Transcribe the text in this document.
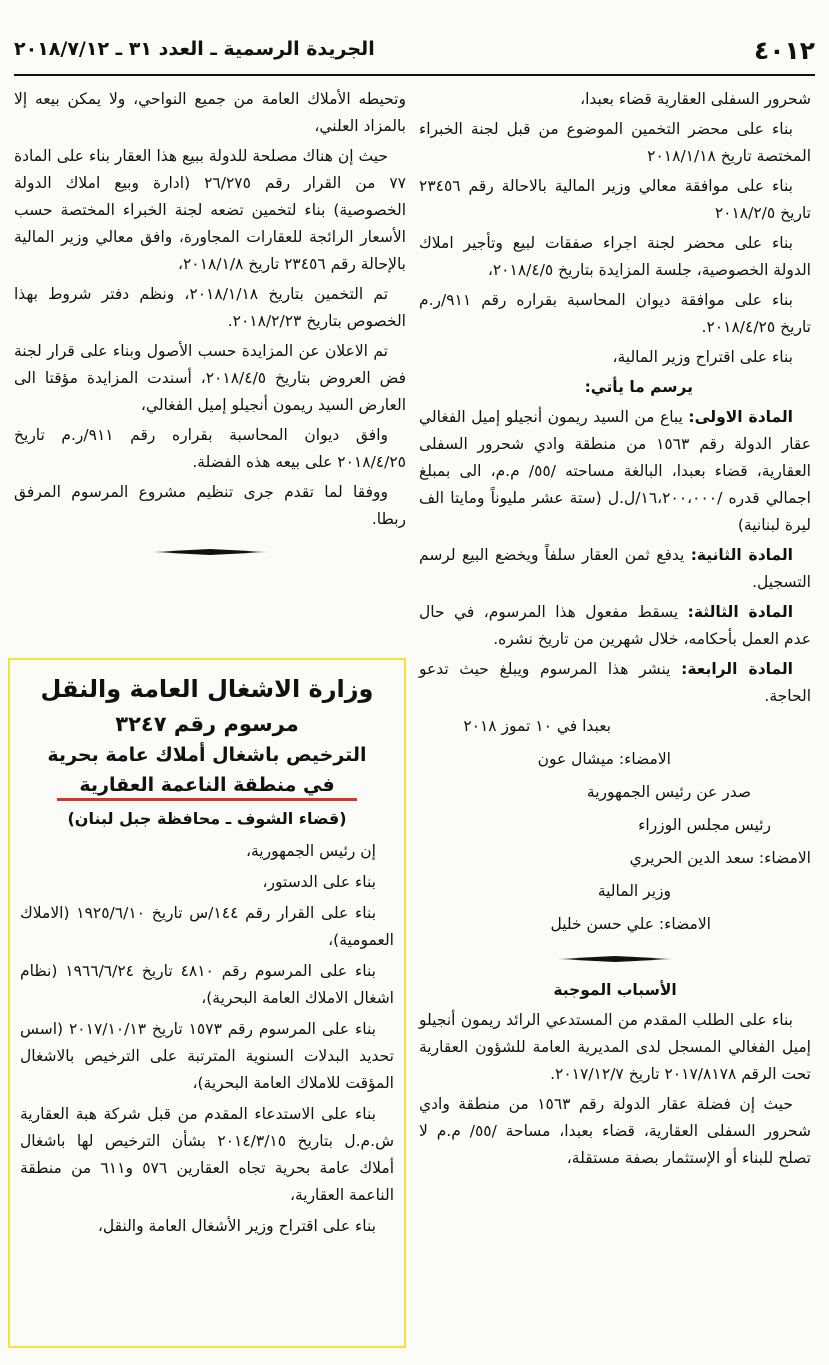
٤٠١٢
الجريدة الرسمية ـ العدد ٣١ ـ ٢٠١٨/٧/١٢

شحرور السفلى العقارية قضاء بعبدا،

بناء على محضر التخمين الموضوع من قبل لجنة الخبراء المختصة تاريخ ٢٠١٨/١/١٨

بناء على موافقة معالي وزير المالية بالاحالة رقم ٢٣٤٥٦ تاريخ ٢٠١٨/٢/٥

بناء على محضر لجنة اجراء صفقات لبيع وتأجير املاك الدولة الخصوصية، جلسة المزايدة بتاريخ ٢٠١٨/٤/٥،

بناء على موافقة ديوان المحاسبة بقراره رقم ٩١١/ر.م تاريخ ٢٠١٨/٤/٢٥.

بناء على اقتراح وزير المالية،

يرسم ما يأتي:

المادة الاولى: يباع من السيد ريمون أنجيلو إميل الفغالي عقار الدولة رقم ١٥٦٣ من منطقة وادي شحرور السفلى العقارية، قضاء بعبدا، البالغة مساحته /٥٥/ م.م، الى بمبلغ اجمالي قدره /١٦،٢٠٠،٠٠٠/ل.ل (ستة عشر مليوناً ومايتا الف ليرة لبنانية)

المادة الثانية: يدفع ثمن العقار سلفاً ويخضع البيع لرسم التسجيل.

المادة الثالثة: يسقط مفعول هذا المرسوم، في حال عدم العمل بأحكامه، خلال شهرين من تاريخ نشره.

المادة الرابعة: ينشر هذا المرسوم ويبلغ حيث تدعو الحاجة.

بعبدا في ١٠ تموز ٢٠١٨

الامضاء: ميشال عون

صدر عن رئيس الجمهورية

رئيس مجلس الوزراء

الامضاء: سعد الدين الحريري

وزير المالية

الامضاء: علي حسن خليل

الأسباب الموجبة

بناء على الطلب المقدم من المستدعي الرائد ريمون أنجيلو إميل الفغالي المسجل لدى المديرية العامة للشؤون العقارية تحت الرقم ٢٠١٧/٨١٧٨ تاريخ ٢٠١٧/١٢/٧.

حيث إن فضلة عقار الدولة رقم ١٥٦٣ من منطقة وادي شحرور السفلى العقارية، قضاء بعبدا، مساحة /٥٥/ م.م لا تصلح للبناء أو الإستثمار بصفة مستقلة،

وتحيطه الأملاك العامة من جميع النواحي، ولا يمكن بيعه إلا بالمزاد العلني،

حيث إن هناك مصلحة للدولة ببيع هذا العقار بناء على المادة ٧٧ من القرار رقم ٢٦/٢٧٥ (ادارة وبيع املاك الدولة الخصوصية) بناء لتخمين تضعه لجنة الخبراء المختصة حسب الأسعار الرائجة للعقارات المجاورة، وافق معالي وزير المالية بالإحالة رقم ٢٣٤٥٦ تاريخ ٢٠١٨/١/٨،

تم التخمين بتاريخ ٢٠١٨/١/١٨، ونظم دفتر شروط بهذا الخصوص بتاريخ ٢٠١٨/٢/٢٣.

تم الاعلان عن المزايدة حسب الأصول وبناء على قرار لجنة فض العروض بتاريخ ٢٠١٨/٤/٥، أسندت المزايدة مؤقتا الى العارض السيد ريمون أنجيلو إميل الفغالي،

وافق ديوان المحاسبة بقراره رقم ٩١١/ر.م تاريخ ٢٠١٨/٤/٢٥ على بيعه هذه الفضلة.

ووفقا لما تقدم جرى تنظيم مشروع المرسوم المرفق ربطا.

وزارة الاشغال العامة والنقل
مرسوم رقم ٣٢٤٧
الترخيص باشغال أملاك عامة بحرية
في منطقة الناعمة العقارية
(قضاء الشوف ـ محافظة جبل لبنان)

إن رئيس الجمهورية،

بناء على الدستور،

بناء على القرار رقم ١٤٤/س تاريخ ١٩٢٥/٦/١٠ (الاملاك العمومية)،

بناء على المرسوم رقم ٤٨١٠ تاريخ ١٩٦٦/٦/٢٤ (نظام اشغال الاملاك العامة البحرية)،

بناء على المرسوم رقم ١٥٧٣ تاريخ ٢٠١٧/١٠/١٣ (اسس تحديد البدلات السنوية المترتبة على الترخيص بالاشغال المؤقت للاملاك العامة البحرية)،

بناء على الاستدعاء المقدم من قبل شركة هبة العقارية ش.م.ل بتاريخ ٢٠١٤/٣/١٥ بشأن الترخيص لها باشغال أملاك عامة بحرية تجاه العقارين ٥٧٦ و٦١١ من منطقة الناعمة العقارية،

بناء على اقتراح وزير الأشغال العامة والنقل،
